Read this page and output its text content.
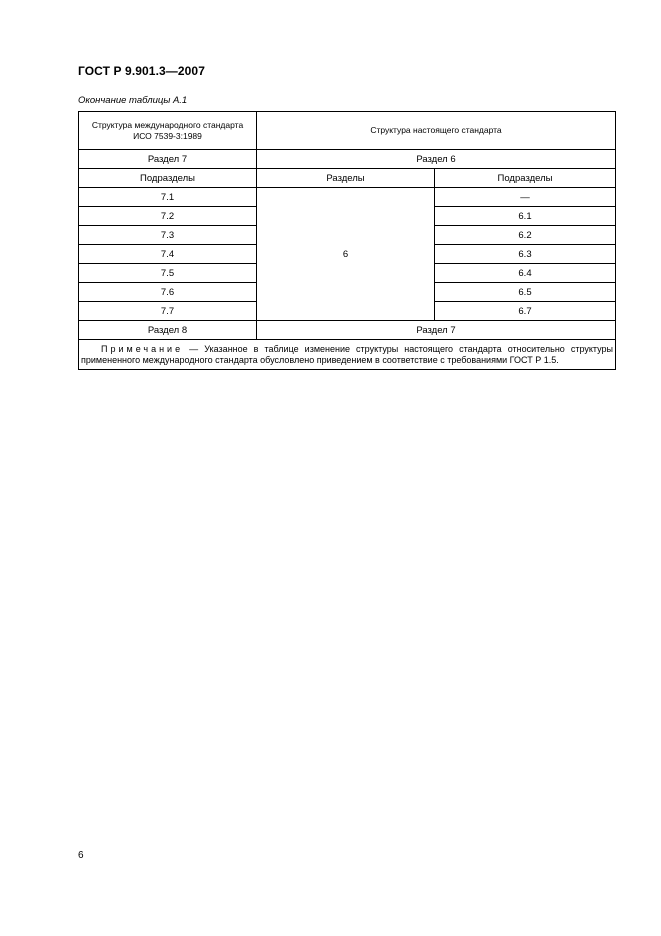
ГОСТ Р 9.901.3—2007
Окончание таблицы А.1
Структура международного стандарта ИСО 7539-3:1989	Структура настоящего стандарта	
Раздел 7	Раздел 6	
Подразделы	Разделы	Подразделы
7.1	6	—
7.2		6.1
7.3		6.2
7.4		6.3
7.5		6.4
7.6		6.5
7.7		6.7
Раздел 8	Раздел 7	
Примечание — Указанное в таблице изменение структуры настоящего стандарта относительно структуры примененного международного стандарта обусловлено приведением в соответствие с требованиями ГОСТ Р 1.5.		
6
